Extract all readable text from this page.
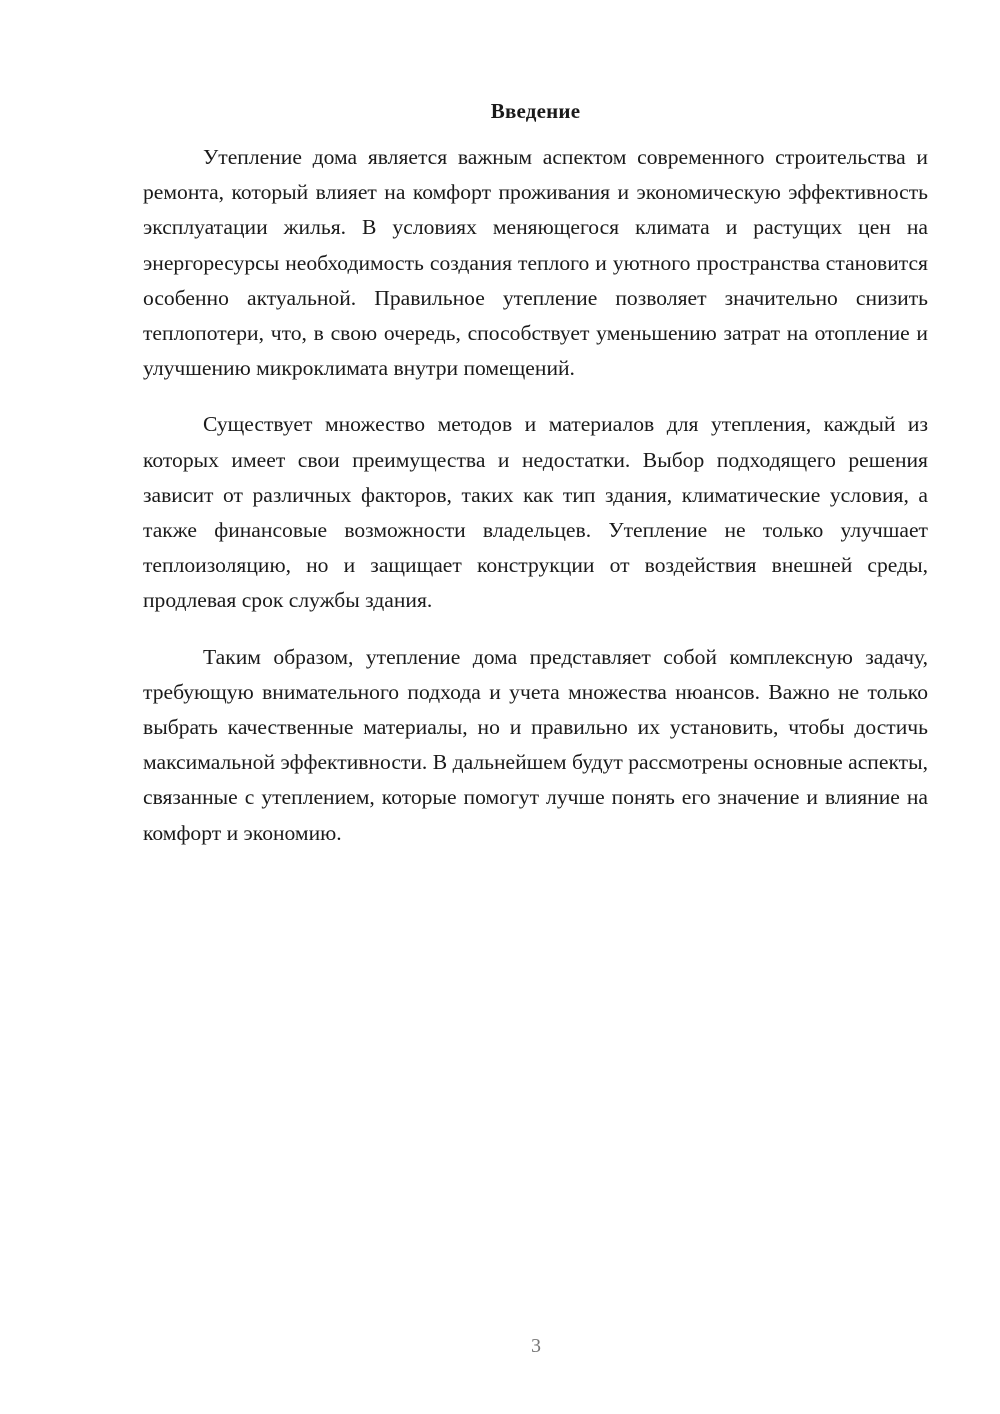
Введение

Утепление дома является важным аспектом современного строительства и ремонта, который влияет на комфорт проживания и экономическую эффективность эксплуатации жилья. В условиях меняющегося климата и растущих цен на энергоресурсы необходимость создания теплого и уютного пространства становится особенно актуальной. Правильное утепление позволяет значительно снизить теплопотери, что, в свою очередь, способствует уменьшению затрат на отопление и улучшению микроклимата внутри помещений.

Существует множество методов и материалов для утепления, каждый из которых имеет свои преимущества и недостатки. Выбор подходящего решения зависит от различных факторов, таких как тип здания, климатические условия, а также финансовые возможности владельцев. Утепление не только улучшает теплоизоляцию, но и защищает конструкции от воздействия внешней среды, продлевая срок службы здания.

Таким образом, утепление дома представляет собой комплексную задачу, требующую внимательного подхода и учета множества нюансов. Важно не только выбрать качественные материалы, но и правильно их установить, чтобы достичь максимальной эффективности. В дальнейшем будут рассмотрены основные аспекты, связанные с утеплением, которые помогут лучше понять его значение и влияние на комфорт и экономию.

3
